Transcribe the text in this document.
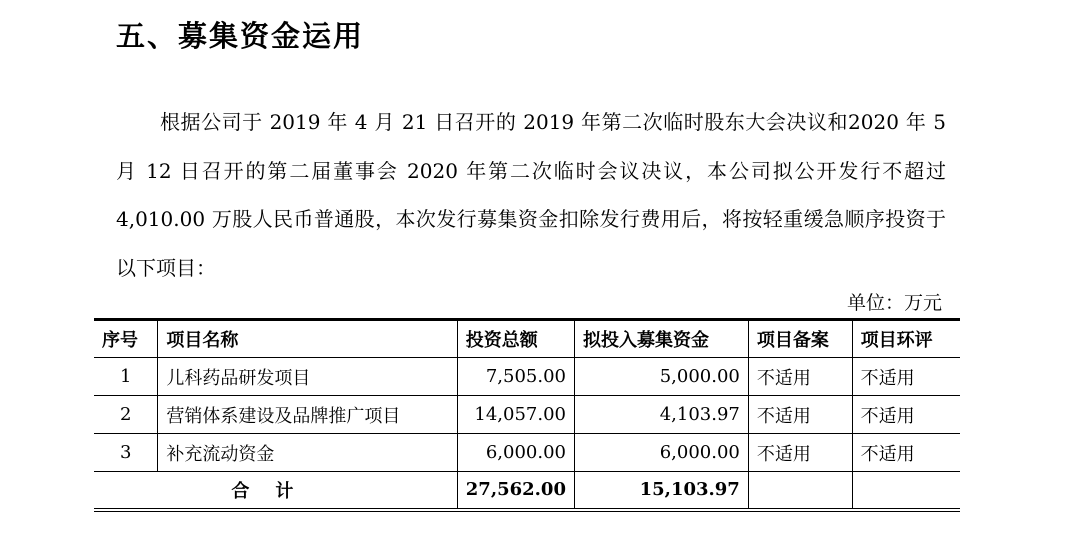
五、募集资金运用
根据公司于 2019 年 4 月 21 日召开的 2019 年第二次临时股东大会决议和2020 年 5 月 12 日召开的第二届董事会 2020 年第二次临时会议决议，本公司拟公开发行不超过 4,010.00 万股人民币普通股，本次发行募集资金扣除发行费用后，将按轻重缓急顺序投资于以下项目：
单位：万元
序号	项目名称	投资总额	拟投入募集资金	项目备案	项目环评
1	儿科药品研发项目	7,505.00	5,000.00	不适用	不适用
2	营销体系建设及品牌推广项目	14,057.00	4,103.97	不适用	不适用
3	补充流动资金	6,000.00	6,000.00	不适用	不适用
合计		27,562.00	15,103.97		
